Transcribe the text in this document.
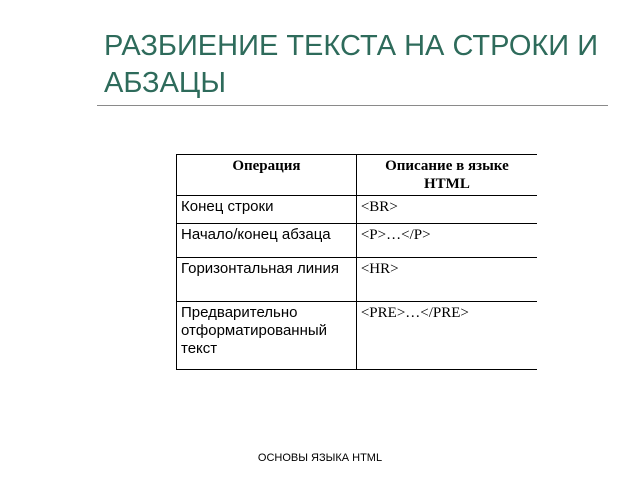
РАЗБИЕНИЕ ТЕКСТА НА СТРОКИ И АБЗАЦЫ
Операция	Описание в языке HTML
Конец строки	<BR>
Начало/конец абзаца	<P>…</P>
Горизонтальная линия	<HR>
Предварительно отформатированный текст	<PRE>…</PRE>
ОСНОВЫ ЯЗЫКА HTML
